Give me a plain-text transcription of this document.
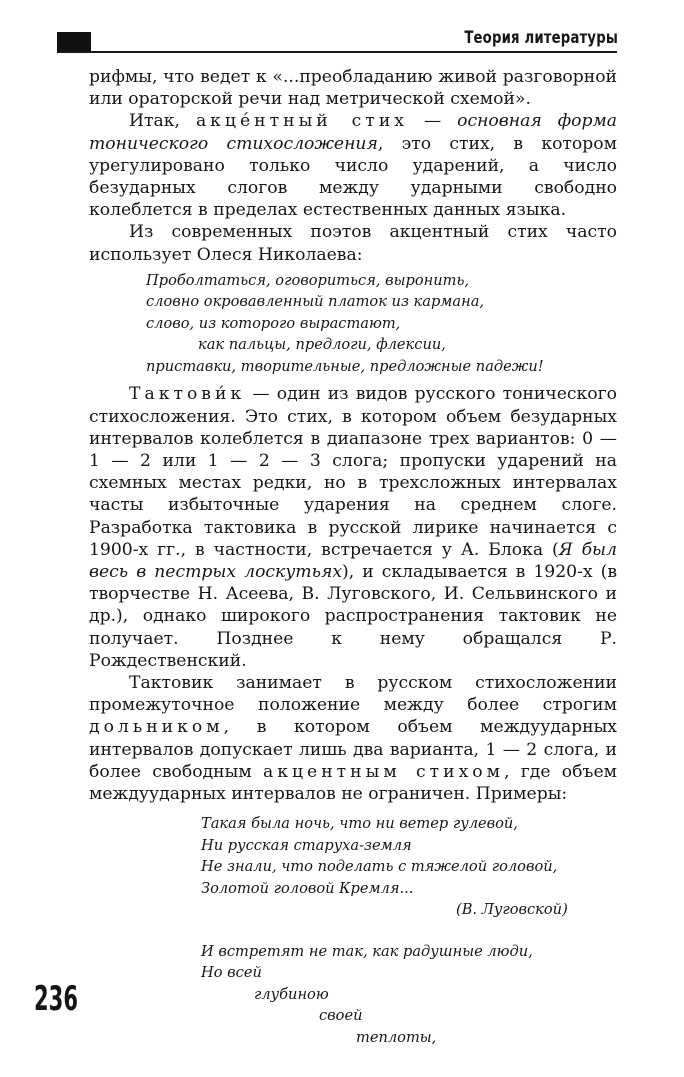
Теория литературы

рифмы, что ведет к «...преобладанию живой разговорной или ораторской речи над метрической схемой».

Итак, акцéнтный стих — основная форма тонического стихосложения, это стих, в котором урегулировано только число ударений, а число безударных слогов между ударными свободно колеблется в пределах естественных данных языка.

Из современных поэтов акцентный стих часто использует Олеся Николаева:

Проболтаться, оговориться, выронить,
словно окровавленный платок из кармана,
слово, из которого вырастают,
как пальцы, предлоги, флексии,
приставки, творительные, предложные падежи!

Тактови́к — один из видов русского тонического стихосложения. Это стих, в котором объем безударных интервалов колеблется в диапазоне трех вариантов: 0 — 1 — 2 или 1 — 2 — 3 слога; пропуски ударений на схемных местах редки, но в трехсложных интервалах часты избыточные ударения на среднем слоге. Разработка тактовика в русской лирике начинается с 1900-х гг., в частности, встречается у А. Блока (Я был весь в пестрых лоскутьях), и складывается в 1920-х (в творчестве Н. Асеева, В. Луговского, И. Сельвинского и др.), однако широкого распространения тактовик не получает. Позднее к нему обращался Р. Рождественский.

Тактовик занимает в русском стихосложении промежуточное положение между более строгим дольником, в котором объем междуударных интервалов допускает лишь два варианта, 1 — 2 слога, и более свободным акцентным стихом, где объем междуударных интервалов не ограничен. Примеры:

Такая была ночь, что ни ветер гулевой,
Ни русская старуха-земля
Не знали, что поделать с тяжелой головой,
Золотой головой Кремля...
(В. Луговской)
И встретят не так, как радушные люди,
Но всей
глубиною
своей
теплоты,
236
